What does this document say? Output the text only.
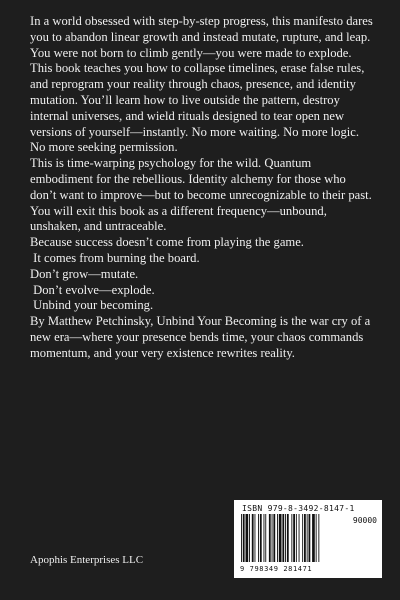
In a world obsessed with step-by-step progress, this manifesto dares you to abandon linear growth and instead mutate, rupture, and leap. You were not born to climb gently—you were made to explode.

This book teaches you how to collapse timelines, erase false rules, and reprogram your reality through chaos, presence, and identity mutation. You’ll learn how to live outside the pattern, destroy internal universes, and wield rituals designed to tear open new versions of yourself—instantly. No more waiting. No more logic. No more seeking permission.

This is time-warping psychology for the wild. Quantum embodiment for the rebellious. Identity alchemy for those who don’t want to improve—but to become unrecognizable to their past.

You will exit this book as a different frequency—unbound, unshaken, and untraceable.

Because success doesn’t come from playing the game.

It comes from burning the board.

Don’t grow—mutate.

Don’t evolve—explode.

Unbind your becoming.

By Matthew Petchinsky, Unbind Your Becoming is the war cry of a new era—where your presence bends time, your chaos commands momentum, and your very existence rewrites reality.

Apophis Enterprises LLC
ISBN 979-8-3492-8147-1
90000
9 798349 281471
